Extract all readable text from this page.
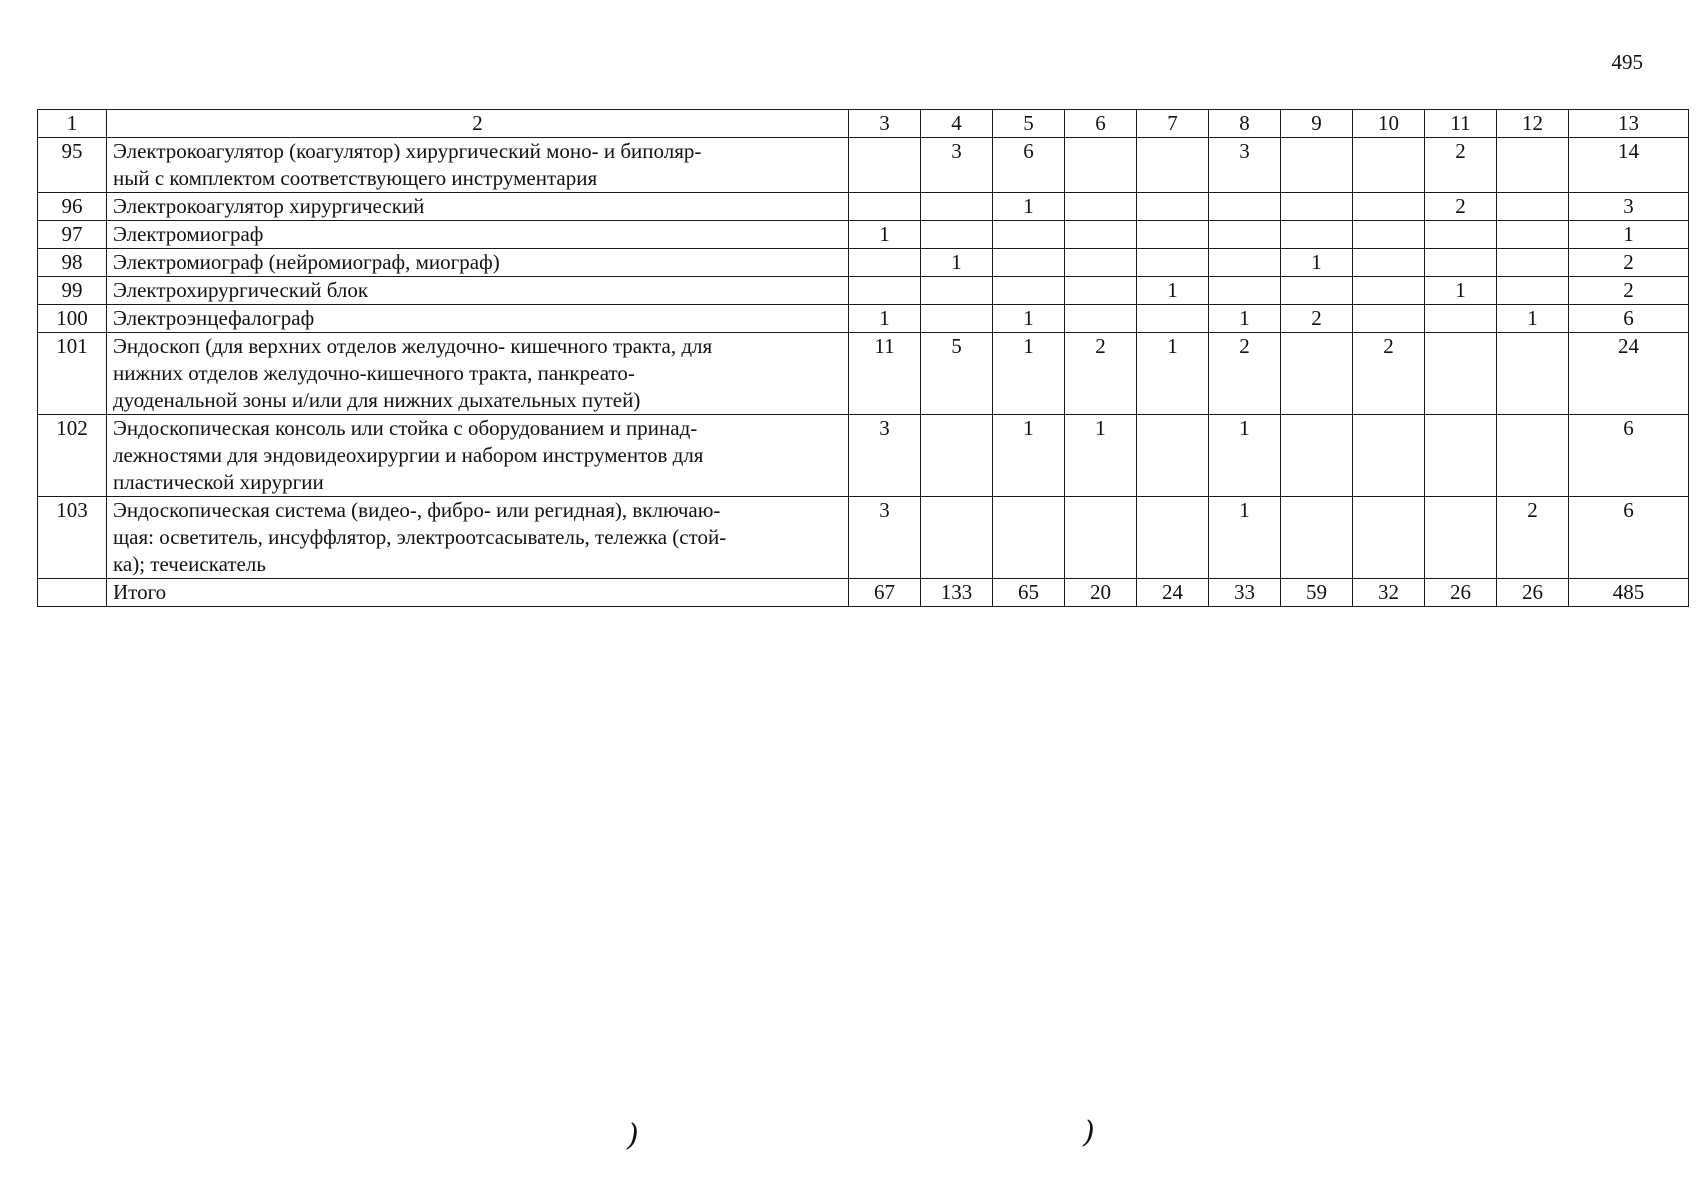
495
1	2	3	4	5	6	7	8	9	10	11	12	13
95	Электрокоагулятор (коагулятор) хирургический моно- и биполяр-
ный с комплектом соответствующего инструментария		3	6			3			2		14
96	Электрокоагулятор хирургический			1						2		3
97	Электромиограф	1										1
98	Электромиограф (нейромиограф, миограф)		1					1				2
99	Электрохирургический блок					1				1		2
100	Электроэнцефалограф	1		1			1	2			1	6
101	Эндоскоп (для верхних отделов желудочно- кишечного тракта, для
нижних отделов желудочно-кишечного тракта, панкреато-
дуоденальной зоны и/или для нижних дыхательных путей)	11	5	1	2	1	2		2			24
102	Эндоскопическая консоль или стойка с оборудованием и принад-
лежностями для эндовидеохирургии и набором инструментов для
пластической хирургии	3		1	1		1					6
103	Эндоскопическая система (видео-, фибро- или регидная), включаю-
щая: осветитель, инсуффлятор, электроотсасыватель, тележка (стой-
ка); течеискатель	3					1				2	6
	Итого	67	133	65	20	24	33	59	32	26	26	485
)	)
